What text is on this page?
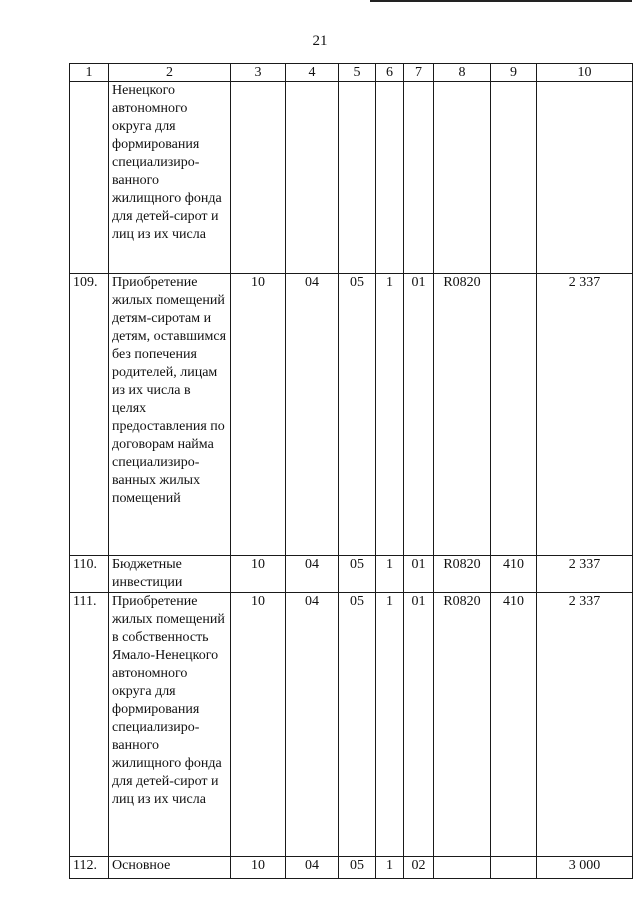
21
1	2	3	4	5	6	7	8	9	10
	Ненецкого автономного округа для формирования специализиро-ванного жилищного фонда для детей-сирот и лиц из их числа								
109.	Приобретение жилых помещений детям-сиротам и детям, оставшимся без попечения родителей, лицам из их числа в целях предоставления по договорам найма специализиро-ванных жилых помещений	10	04	05	1	01	R0820		2 337
110.	Бюджетные инвестиции	10	04	05	1	01	R0820	410	2 337
111.	Приобретение жилых помещений в собственность Ямало-Ненецкого автономного округа для формирования специализиро-ванного жилищного фонда для детей-сирот и лиц из их числа	10	04	05	1	01	R0820	410	2 337
112.	Основное	10	04	05	1	02			3 000
